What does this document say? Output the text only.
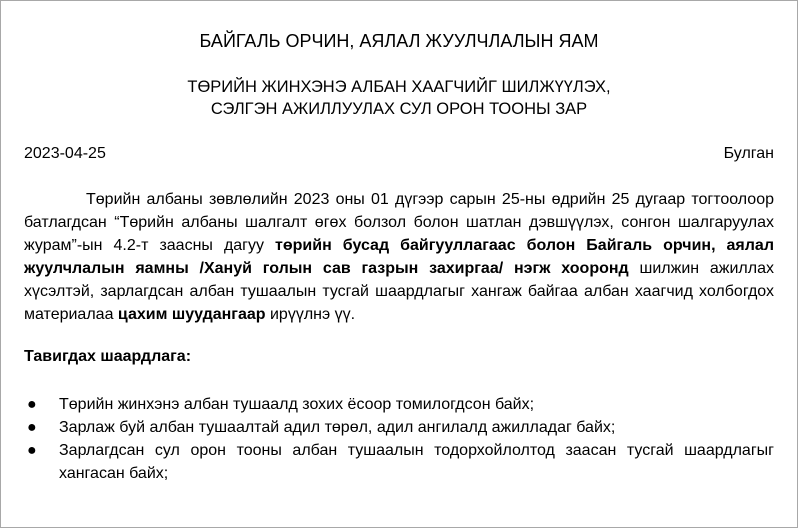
БАЙГАЛЬ ОРЧИН, АЯЛАЛ ЖУУЛЧЛАЛЫН ЯАМ
ТӨРИЙН ЖИНХЭНЭ АЛБАН ХААГЧИЙГ ШИЛЖҮҮЛЭХ,
СЭЛГЭН АЖИЛЛУУЛАХ СУЛ ОРОН ТООНЫ ЗАР
2023-04-25	Булган

Төрийн албаны зөвлөлийн 2023 оны 01 дүгээр сарын 25-ны өдрийн 25 дугаар тогтоолоор батлагдсан “Төрийн албаны шалгалт өгөх болзол болон шатлан дэвшүүлэх, сонгон шалгаруулах журам”-ын 4.2-т заасны дагуу төрийн бусад байгууллагаас болон Байгаль орчин, аялал жуулчлалын яамны /Хануй голын сав газрын захиргаа/ нэгж хооронд шилжин ажиллах хүсэлтэй, зарлагдсан албан тушаалын тусгай шаардлагыг хангаж байгаа албан хаагчид холбогдох материалаа цахим шуудангаар ирүүлнэ үү.

Тавигдах шаардлага:
● Төрийн жинхэнэ албан тушаалд зохих ёсоор томилогдсон байх;
● Зарлаж буй албан тушаалтай адил төрөл, адил ангилалд ажилладаг байх;
● Зарлагдсан сул орон тооны албан тушаалын тодорхойлолтод заасан тусгай шаардлагыг хангасан байх;
